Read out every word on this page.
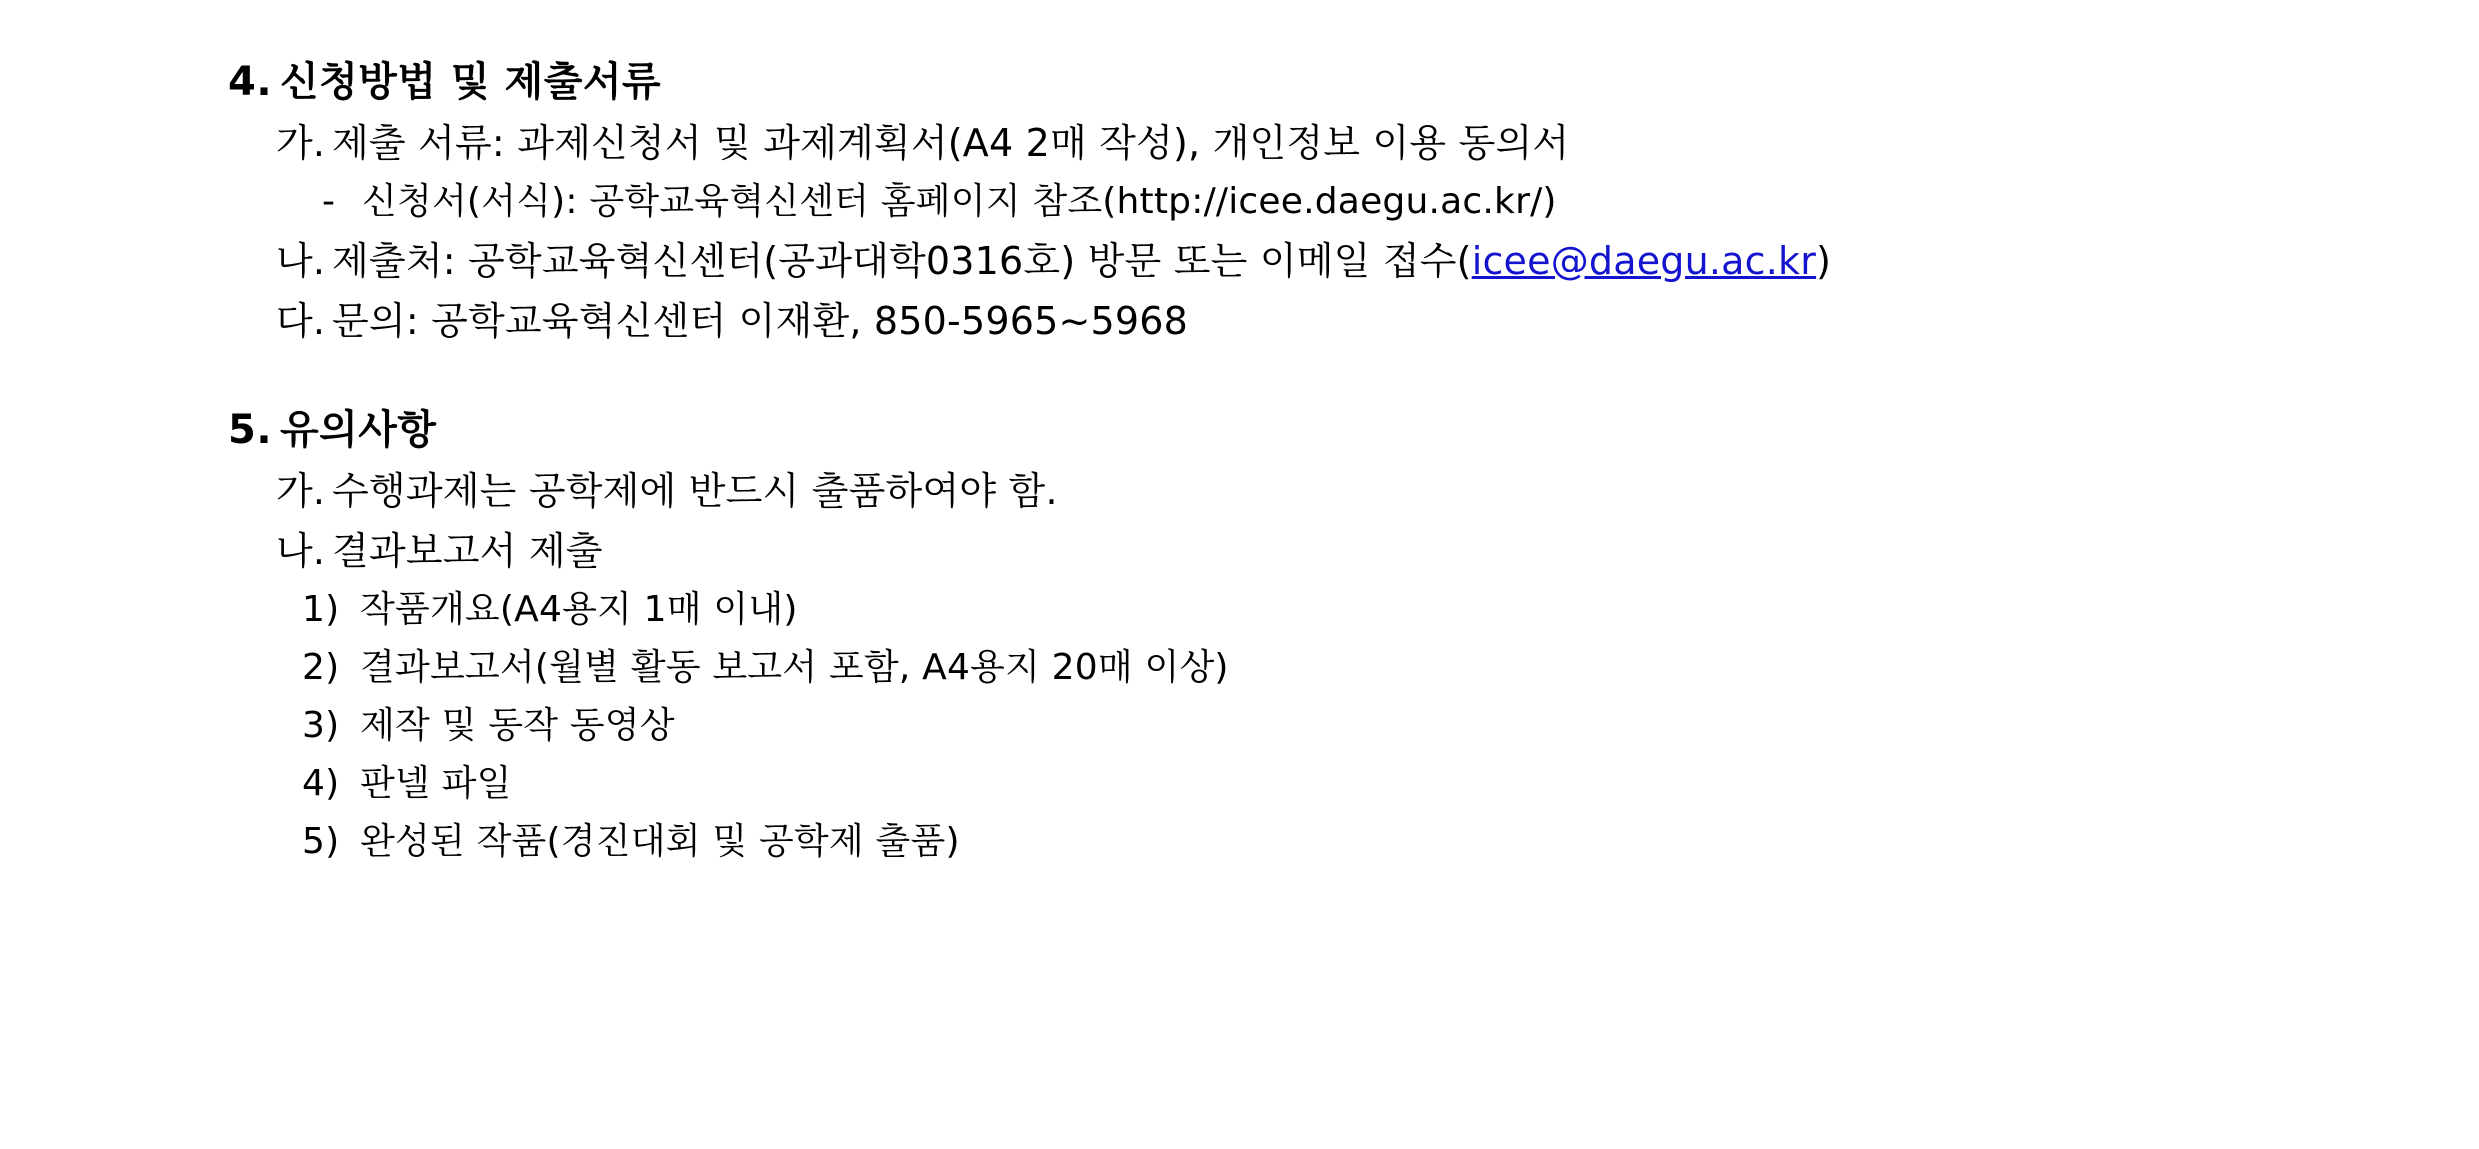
4. 신청방법 및 제출서류
가. 제출 서류: 과제신청서 및 과제계획서(A4 2매 작성), 개인정보 이용 동의서
- 신청서(서식): 공학교육혁신센터 홈페이지 참조(http://icee.daegu.ac.kr/)
나. 제출처: 공학교육혁신센터(공과대학0316호) 방문 또는 이메일 접수(icee@daegu.ac.kr)
다. 문의: 공학교육혁신센터 이재환, 850-5965~5968
5. 유의사항
가. 수행과제는 공학제에 반드시 출품하여야 함.
나. 결과보고서 제출
1) 작품개요(A4용지 1매 이내)
2) 결과보고서(월별 활동 보고서 포함, A4용지 20매 이상)
3) 제작 및 동작 동영상
4) 판넬 파일
5) 완성된 작품(경진대회 및 공학제 출품)
